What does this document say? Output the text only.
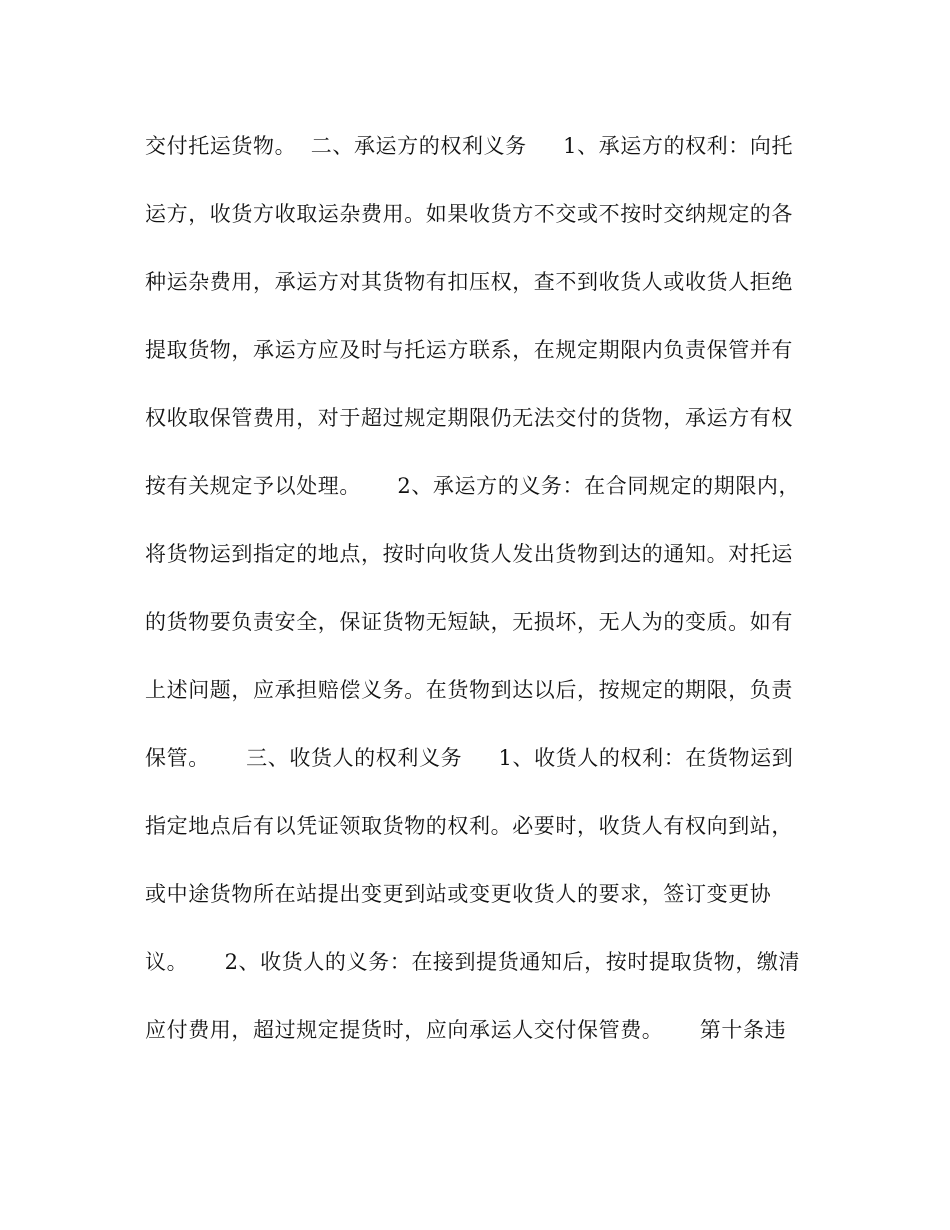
交付托运货物。  二、承运方的权利义务     1、承运方的权利：向托
运方，收货方收取运杂费用。如果收货方不交或不按时交纳规定的各
种运杂费用，承运方对其货物有扣压权，查不到收货人或收货人拒绝
提取货物，承运方应及时与托运方联系，在规定期限内负责保管并有
权收取保管费用，对于超过规定期限仍无法交付的货物，承运方有权
按有关规定予以处理。     2、承运方的义务：在合同规定的期限内，
将货物运到指定的地点，按时向收货人发出货物到达的通知。对托运
的货物要负责安全，保证货物无短缺，无损坏，无人为的变质。如有
上述问题，应承担赔偿义务。在货物到达以后，按规定的期限，负责
保管。     三、收货人的权利义务     1、收货人的权利：在货物运到
指定地点后有以凭证领取货物的权利。必要时，收货人有权向到站，
或中途货物所在站提出变更到站或变更收货人的要求，签订变更协
议。     2、收货人的义务：在接到提货通知后，按时提取货物，缴清
应付费用，超过规定提货时，应向承运人交付保管费。     第十条违
